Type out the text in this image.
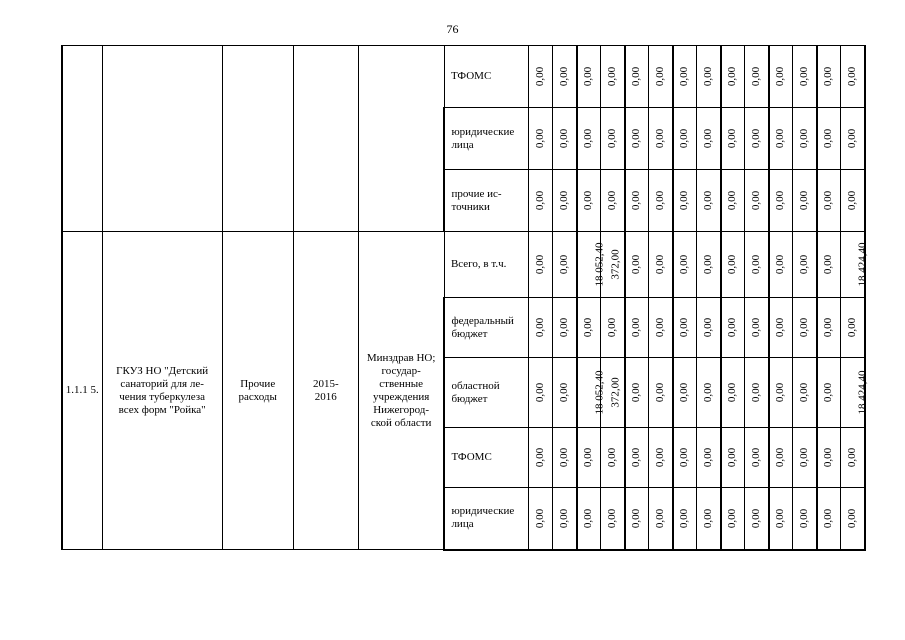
76
					ТФОМС	0,00	0,00	0,00	0,00	0,00	0,00	0,00	0,00	0,00	0,00	0,00	0,00	0,00	0,00
					юридические лица	0,00	0,00	0,00	0,00	0,00	0,00	0,00	0,00	0,00	0,00	0,00	0,00	0,00	0,00
					прочие ис-точники	0,00	0,00	0,00	0,00	0,00	0,00	0,00	0,00	0,00	0,00	0,00	0,00	0,00	0,00
1.1.1 5.	ГКУЗ НО "Детский санаторий для ле-чения туберкулеза всех форм "Ройка"	Прочие расходы	2015-2016	Минздрав НО; государ-ственные учреждения Нижегород-ской области	Всего, в т.ч.	0,00	0,00	18 052,40	372,00	0,00	0,00	0,00	0,00	0,00	0,00	0,00	0,00	0,00	18 424,40
					федеральный бюджет	0,00	0,00	0,00	0,00	0,00	0,00	0,00	0,00	0,00	0,00	0,00	0,00	0,00	0,00
					областной бюджет	0,00	0,00	18 052,40	372,00	0,00	0,00	0,00	0,00	0,00	0,00	0,00	0,00	0,00	18 424,40
					ТФОМС	0,00	0,00	0,00	0,00	0,00	0,00	0,00	0,00	0,00	0,00	0,00	0,00	0,00	0,00
					юридические лица	0,00	0,00	0,00	0,00	0,00	0,00	0,00	0,00	0,00	0,00	0,00	0,00	0,00	0,00
